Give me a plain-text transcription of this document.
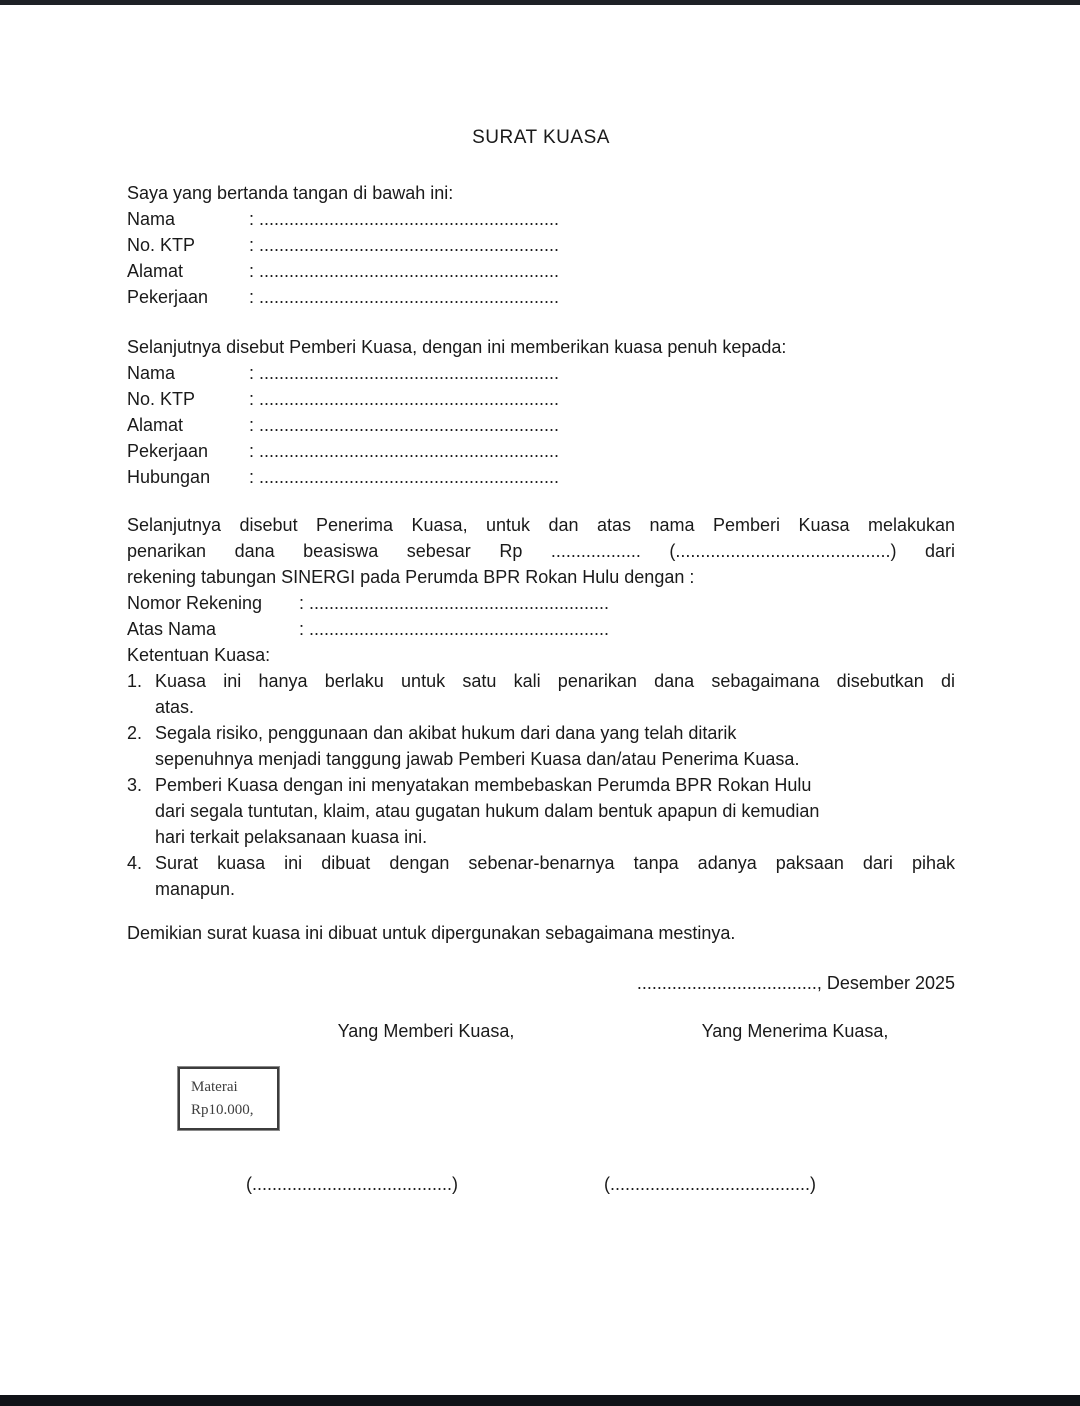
SURAT KUASA
Saya yang bertanda tangan di bawah ini:
Nama	: ............................................................
No. KTP	: ............................................................
Alamat	: ............................................................
Pekerjaan	: ............................................................
Selanjutnya disebut Pemberi Kuasa, dengan ini memberikan kuasa penuh kepada:
Nama	: ............................................................
No. KTP	: ............................................................
Alamat	: ............................................................
Pekerjaan	: ............................................................
Hubungan	: ............................................................
Selanjutnya disebut Penerima Kuasa, untuk dan atas nama Pemberi Kuasa melakukan
penarikan dana beasiswa sebesar Rp .................. (...........................................) dari
rekening tabungan SINERGI pada Perumda BPR Rokan Hulu dengan :
Nomor Rekening	: ............................................................
Atas Nama	: ............................................................
Ketentuan Kuasa:
1. Kuasa ini hanya berlaku untuk satu kali penarikan dana sebagaimana disebutkan di
atas.
2. Segala risiko, penggunaan dan akibat hukum dari dana yang telah ditarik
sepenuhnya menjadi tanggung jawab Pemberi Kuasa dan/atau Penerima Kuasa.
3. Pemberi Kuasa dengan ini menyatakan membebaskan Perumda BPR Rokan Hulu
dari segala tuntutan, klaim, atau gugatan hukum dalam bentuk apapun di kemudian
hari terkait pelaksanaan kuasa ini.
4. Surat kuasa ini dibuat dengan sebenar-benarnya tanpa adanya paksaan dari pihak
manapun.
Demikian surat kuasa ini dibuat untuk dipergunakan sebagaimana mestinya.
...................................., Desember 2025
Yang Memberi Kuasa,	Yang Menerima Kuasa,
Materai
Rp10.000,
(........................................)	(........................................)
